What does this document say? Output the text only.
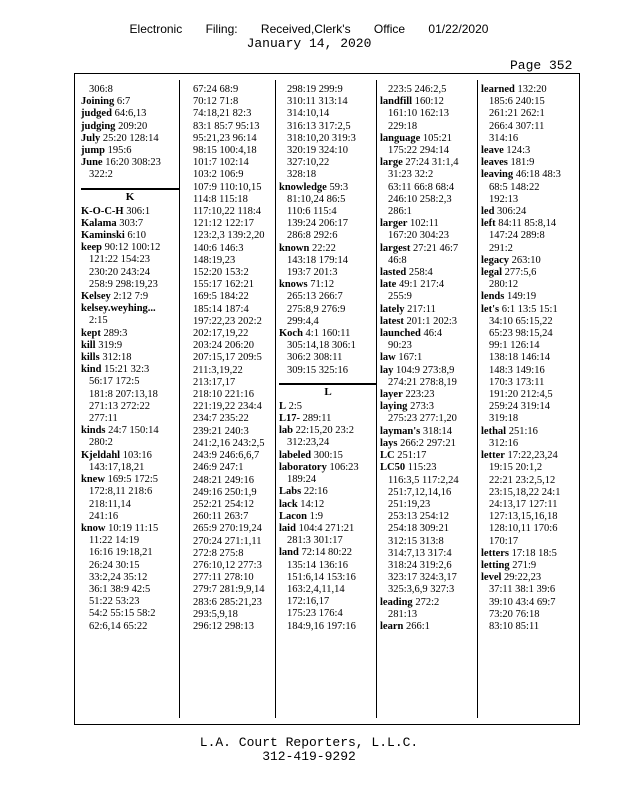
Electronic Filing: Received,Clerk's Office 01/22/2020
January 14, 2020
Page 352
306:8
Joining 6:7
judged 64:6,13
judging 209:20
July 25:20 128:14
jump 195:6
June 16:20 308:23
322:2
K
K-O-C-H 306:1
Kalama 303:7
Kaminski 6:10
keep 90:12 100:12
121:22 154:23
230:20 243:24
258:9 298:19,23
Kelsey 2:12 7:9
kelsey.weyhing...
2:15
kept 289:3
kill 319:9
kills 312:18
kind 15:21 32:3
56:17 172:5
181:8 207:13,18
271:13 272:22
277:11
kinds 24:7 150:14
280:2
Kjeldahl 103:16
143:17,18,21
knew 169:5 172:5
172:8,11 218:6
218:11,14
241:16
know 10:19 11:15
11:22 14:19
16:16 19:18,21
26:24 30:15
33:2,24 35:12
36:1 38:9 42:5
51:22 53:23
54:2 55:15 58:2
62:6,14 65:22
67:24 68:9
70:12 71:8
74:18,21 82:3
83:1 85:7 95:13
95:21,23 96:14
98:15 100:4,18
101:7 102:14
103:2 106:9
107:9 110:10,15
114:8 115:18
117:10,22 118:4
121:12 122:17
123:2,3 139:2,20
140:6 146:3
148:19,23
152:20 153:2
155:17 162:21
169:5 184:22
185:14 187:4
197:22,23 202:2
202:17,19,22
203:24 206:20
207:15,17 209:5
211:3,19,22
213:17,17
218:10 221:16
221:19,22 234:4
234:7 235:22
239:21 240:3
241:2,16 243:2,5
243:9 246:6,6,7
246:9 247:1
248:21 249:16
249:16 250:1,9
252:21 254:12
260:11 263:7
265:9 270:19,24
270:24 271:1,11
272:8 275:8
276:10,12 277:3
277:11 278:10
279:7 281:9,9,14
283:6 285:21,23
293:5,9,18
296:12 298:13
298:19 299:9
310:11 313:14
314:10,14
316:13 317:2,5
318:10,20 319:3
320:19 324:10
327:10,22
328:18
knowledge 59:3
81:10,24 86:5
110:6 115:4
139:24 206:17
286:8 292:6
known 22:22
143:18 179:14
193:7 201:3
knows 71:12
265:13 266:7
275:8,9 276:9
299:4,4
Koch 4:1 160:11
305:14,18 306:1
306:2 308:11
309:15 325:16
L
L 2:5
L17- 289:11
lab 22:15,20 23:2
312:23,24
labeled 300:15
laboratory 106:23
189:24
Labs 22:16
lack 14:12
Lacon 1:9
laid 104:4 271:21
281:3 301:17
land 72:14 80:22
135:14 136:16
151:6,14 153:16
163:2,4,11,14
172:16,17
175:23 176:4
184:9,16 197:16
223:5 246:2,5
landfill 160:12
161:10 162:13
229:18
language 105:21
175:22 294:14
large 27:24 31:1,4
31:23 32:2
63:11 66:8 68:4
246:10 258:2,3
286:1
larger 102:11
167:20 304:23
largest 27:21 46:7
46:8
lasted 258:4
late 49:1 217:4
255:9
lately 217:11
latest 201:1 202:3
launched 46:4
90:23
law 167:1
lay 104:9 273:8,9
274:21 278:8,19
layer 223:23
laying 273:3
275:23 277:1,20
layman's 318:14
lays 266:2 297:21
LC 251:17
LC50 115:23
116:3,5 117:2,24
251:7,12,14,16
251:19,23
253:13 254:12
254:18 309:21
312:15 313:8
314:7,13 317:4
318:24 319:2,6
323:17 324:3,17
325:3,6,9 327:3
leading 272:2
281:13
learn 266:1
learned 132:20
185:6 240:15
261:21 262:1
266:4 307:11
314:16
leave 124:3
leaves 181:9
leaving 46:18 48:3
68:5 148:22
192:13
led 306:24
left 84:11 85:8,14
147:24 289:8
291:2
legacy 263:10
legal 277:5,6
280:12
lends 149:19
let's 6:1 13:5 15:1
34:10 65:15,22
65:23 98:15,24
99:1 126:14
138:18 146:14
148:3 149:16
170:3 173:11
191:20 212:4,5
259:24 319:14
319:18
lethal 251:16
312:16
letter 17:22,23,24
19:15 20:1,2
22:21 23:2,5,12
23:15,18,22 24:1
24:13,17 127:11
127:13,15,16,18
128:10,11 170:6
170:17
letters 17:18 18:5
letting 271:9
level 29:22,23
37:11 38:1 39:6
39:10 43:4 69:7
73:20 76:18
83:10 85:11
L.A. Court Reporters, L.L.C.
312-419-9292
